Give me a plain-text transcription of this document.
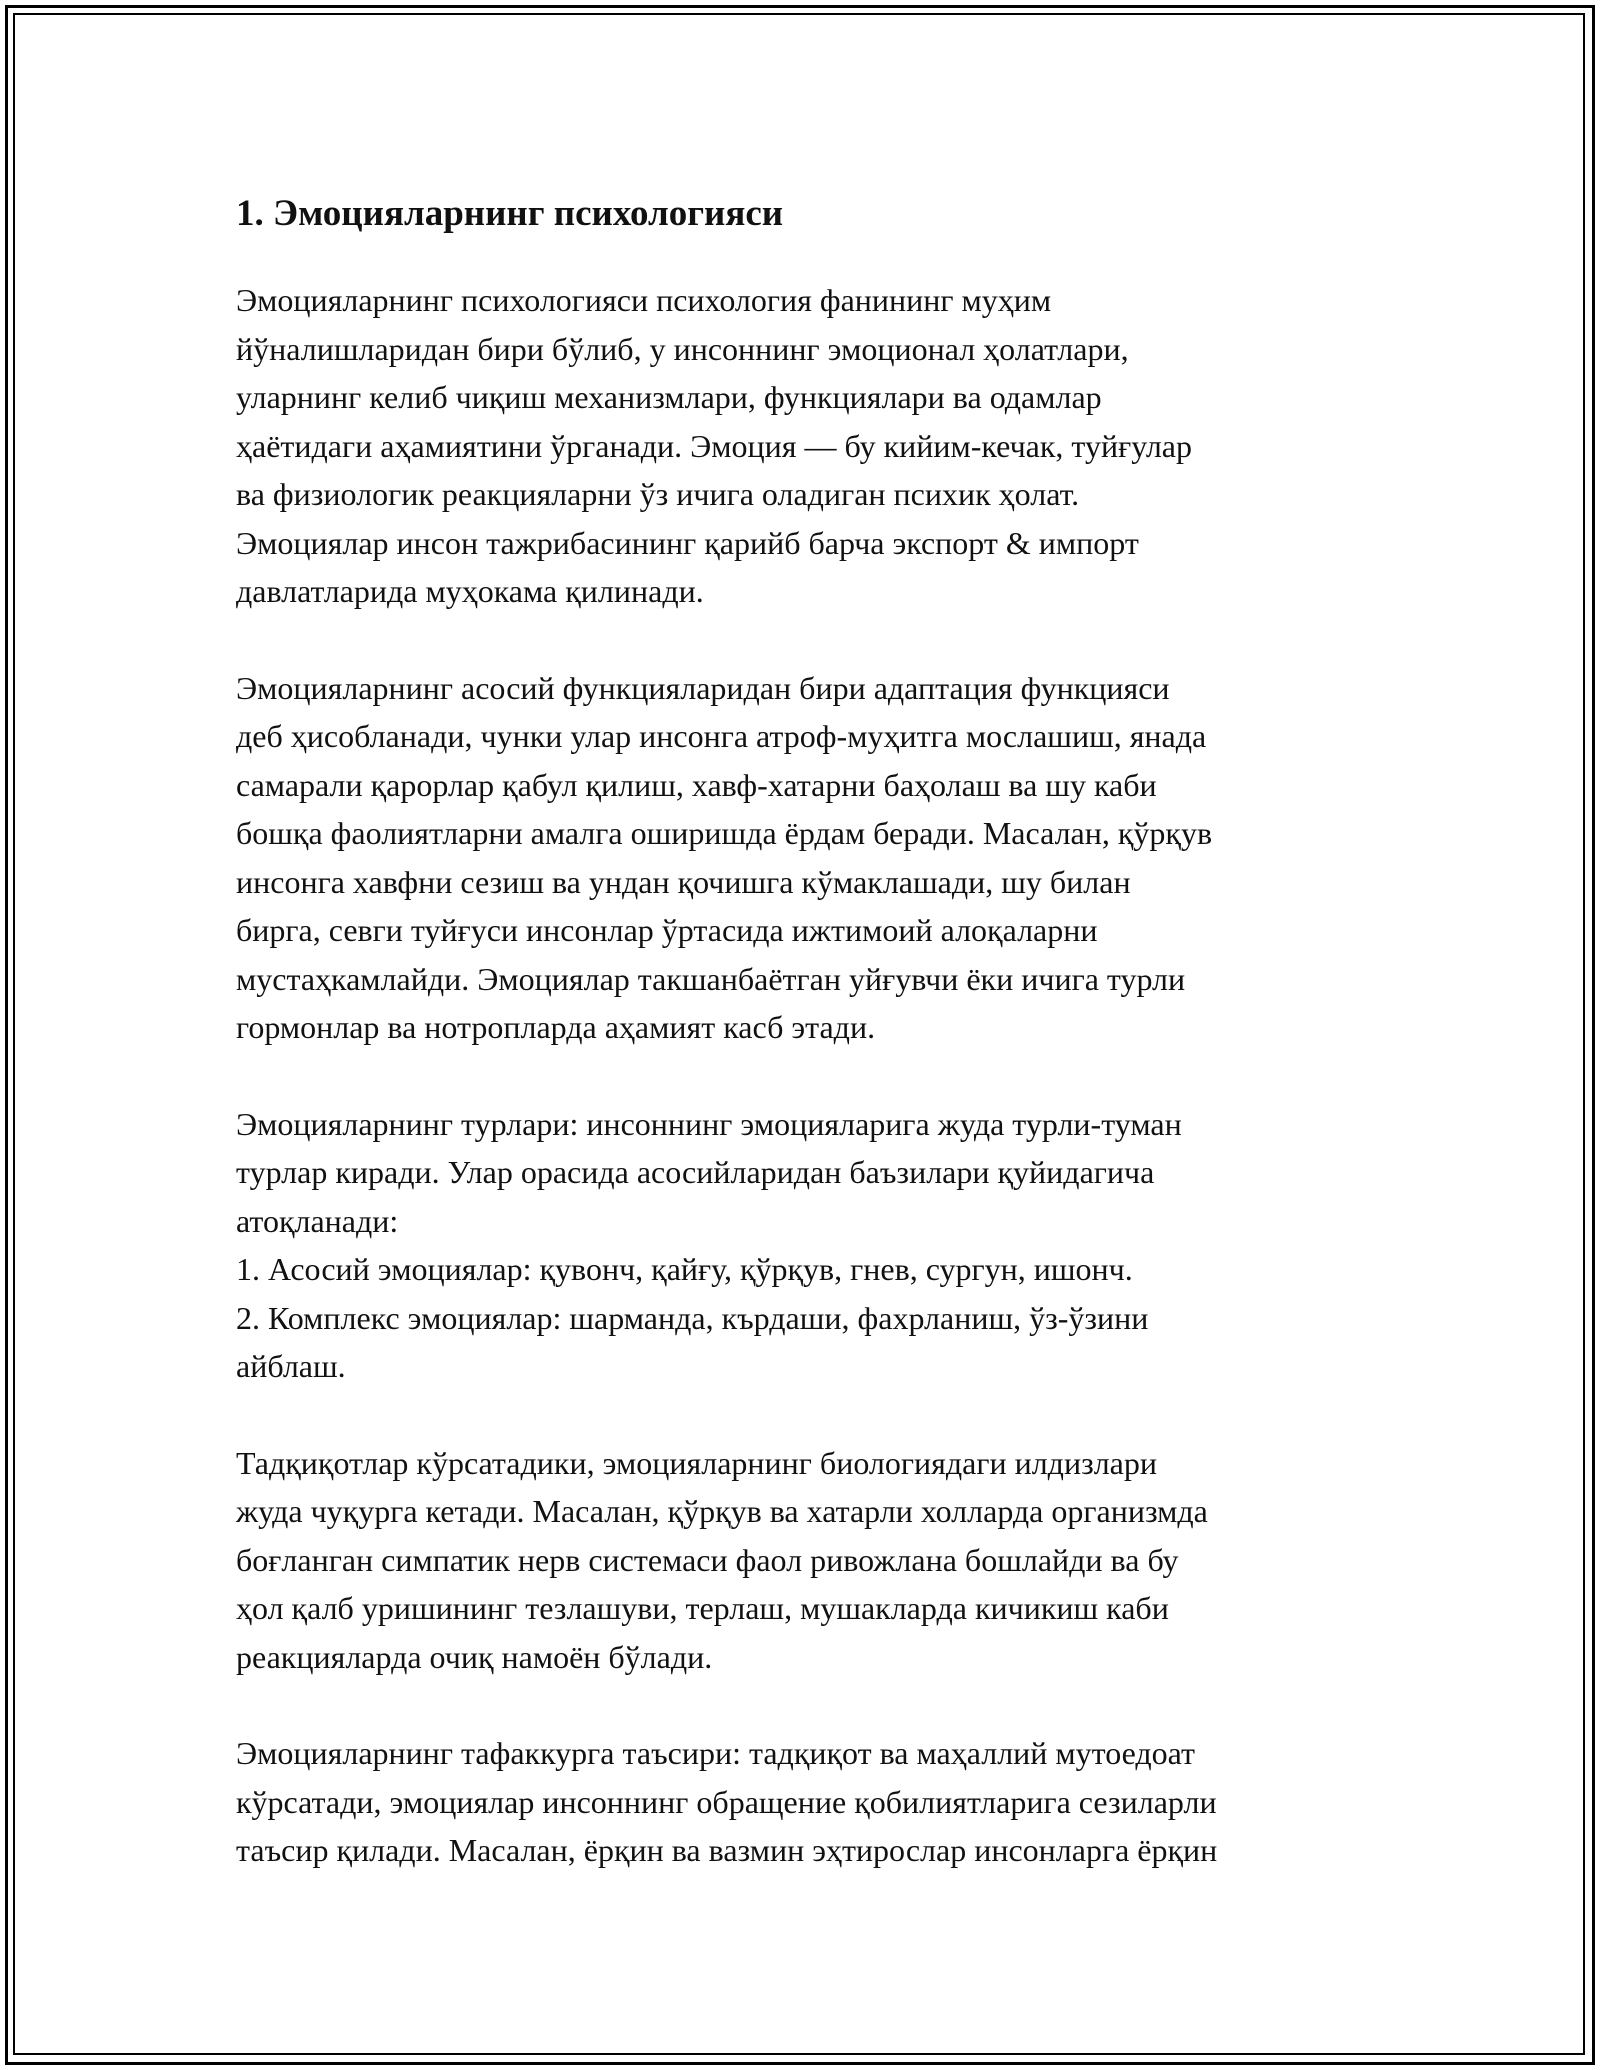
1. Эмоцияларнинг психологияси

Эмоцияларнинг психологияси психология фанининг муҳим
йўналишларидан бири бўлиб, у инсоннинг эмоционал ҳолатлари,
уларнинг келиб чиқиш механизмлари, функциялари ва одамлар
ҳаётидаги аҳамиятини ўрганади. Эмоция — бу кийим-кечак, туйғулар
ва физиологик реакцияларни ўз ичига оладиган психик ҳолат.
Эмоциялар инсон тажрибасининг қарийб барча экспорт & импорт
давлатларида муҳокама қилинади.

Эмоцияларнинг асосий функцияларидан бири адаптация функцияси
деб ҳисобланади, чунки улар инсонга атроф-муҳитга мослашиш, янада
самарали қарорлар қабул қилиш, хавф-хатарни баҳолаш ва шу каби
бошқа фаолиятларни амалга оширишда ёрдам беради. Масалан, қўрқув
инсонга хавфни сезиш ва ундан қочишга кўмаклашади, шу билан
бирга, севги туйғуси инсонлар ўртасида ижтимоий алоқаларни
мустаҳкамлайди. Эмоциялар такшанбаётган уйғувчи ёки ичига турли
гормонлар ва нотропларда аҳамият касб этади.

Эмоцияларнинг турлари: инсоннинг эмоцияларига жуда турли-туман
турлар киради. Улар орасида асосийларидан баъзилари қуйидагича
атоқланади:
1. Асосий эмоциялар: қувонч, қайғу, қўрқув, гнев, сургун, ишонч.
2. Комплекс эмоциялар: шарманда, кърдаши, фахрланиш, ўз-ўзини
айблаш.

Тадқиқотлар кўрсатадики, эмоцияларнинг биологиядаги илдизлари
жуда чуқурга кетади. Масалан, қўрқув ва хатарли холларда организмда
боғланган симпатик нерв системаси фаол ривожлана бошлайди ва бу
ҳол қалб уришининг тезлашуви, терлаш, мушакларда кичикиш каби
реакцияларда очиқ намоён бўлади.

Эмоцияларнинг тафаккурга таъсири: тадқиқот ва маҳаллий мутоедоат
кўрсатади, эмоциялар инсоннинг обращение қобилиятларига сезиларли
таъсир қилади. Масалан, ёрқин ва вазмин эҳтирослар инсонларга ёрқин
